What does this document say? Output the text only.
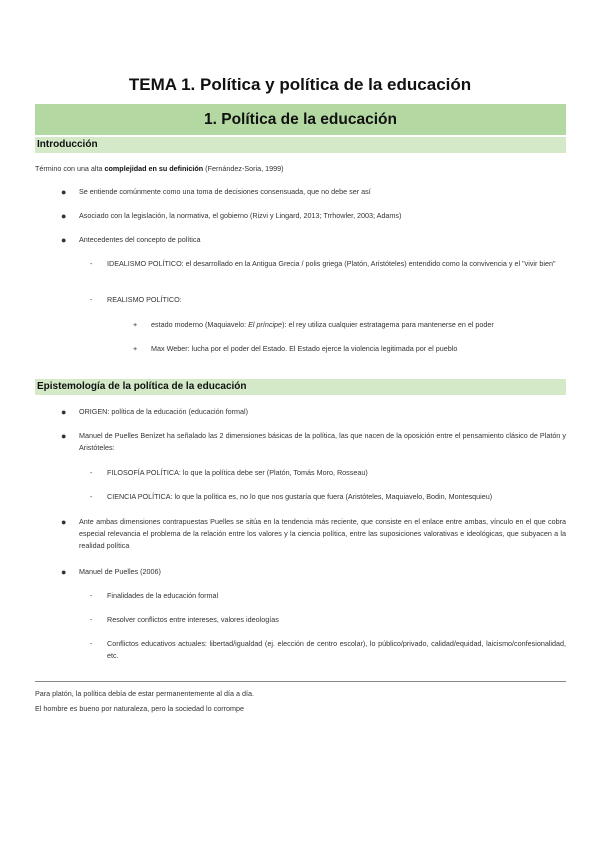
TEMA 1. Política y política de la educación
1. Política de la educación
Introducción
Término con una alta complejidad en su definición (Fernández-Soria, 1999)
● Se entiende comúnmente como una toma de decisiones consensuada, que no debe ser así
● Asociado con la legislación, la normativa, el gobierno (Rizvi y Lingard, 2013; Trrhowler, 2003; Adams)
● Antecedentes del concepto de política
- IDEALISMO POLÍTICO: el desarrollado en la Antigua Grecia / polis griega (Platón, Aristóteles) entendido como la convivencia y el "vivir bien"
- REALISMO POLÍTICO:
+ estado moderno (Maquiavelo: El príncipe): el rey utiliza cualquier estratagema para mantenerse en el poder
+ Max Weber: lucha por el poder del Estado. El Estado ejerce la violencia legitimada por el pueblo
Epistemología de la política de la educación
● ORIGEN: política de la educación (educación formal)
● Manuel de Puelles Benízet ha señalado las 2 dimensiones básicas de la política, las que nacen de la oposición entre el pensamiento clásico de Platón y Aristóteles:
- FILOSOFÍA POLÍTICA: lo que la política debe ser (Platón, Tomás Moro, Rosseau)
- CIENCIA POLÍTICA: lo que la política es, no lo que nos gustaría que fuera (Aristóteles, Maquiavelo, Bodin, Montesquieu)
● Ante ambas dimensiones contrapuestas Puelles se sitúa en la tendencia más reciente, que consiste en el enlace entre ambas, vínculo en el que cobra especial relevancia el problema de la relación entre los valores y la ciencia política, entre las suposiciones valorativas e ideológicas, que subyacen a la realidad política
● Manuel de Puelles (2006)
- Finalidades de la educación formal
- Resolver conflictos entre intereses, valores ideologías
- Conflictos educativos actuales: libertad/igualdad (ej. elección de centro escolar), lo público/privado, calidad/equidad, laicismo/confesionalidad, etc.
Para platón, la política debía de estar permanentemente al día a día.
El hombre es bueno por naturaleza, pero la sociedad lo corrompe
